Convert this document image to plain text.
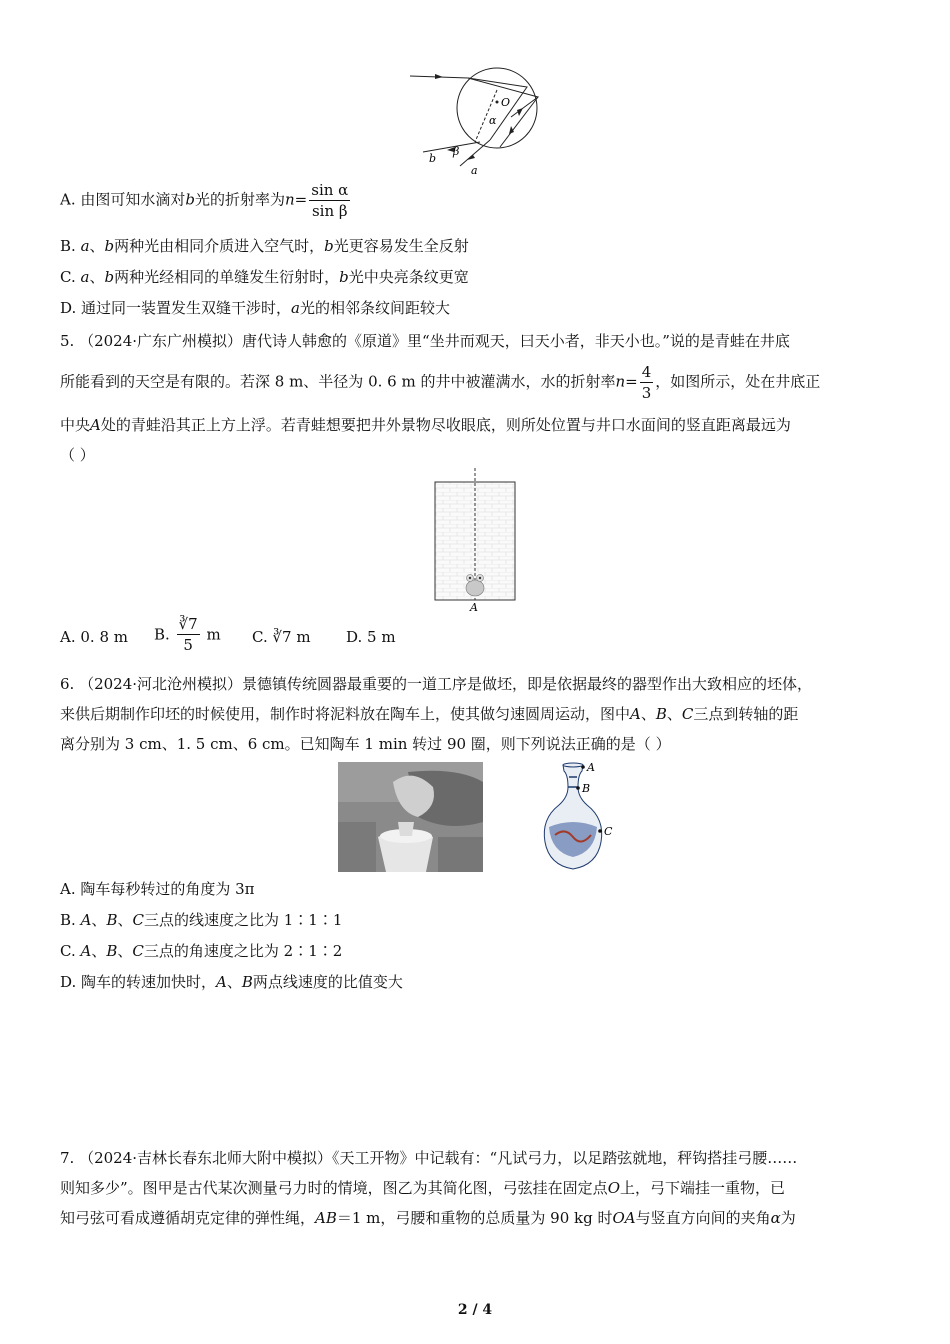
O
α
β
b
a
A. 由图可知水滴对b光的折射率为$n= \frac{\text{sin α}}{\text{sin β}}$
B. a、b两种光由相同介质进入空气时，b光更容易发生全反射
C. a、b两种光经相同的单缝发生衍射时，b光中央亮条纹更宽
D. 通过同一装置发生双缝干涉时，a光的相邻条纹间距较大
5. （2024·广东广州模拟）唐代诗人韩愈的《原道》里“坐井而观天，曰天小者，非天小也。”说的是青蛙在井底
所能看到的天空是有限的。若深 8 m、半径为 0. 6 m 的井中被灌满水，水的折射率$n= \frac{4}{3}$ ，如图所示，处在井底正
中央A处的青蛙沿其正上方上浮。若青蛙想要把井外景物尽收眼底，则所处位置与井口水面间的竖直距离最远为
（ ）
A
A. 0. 8 m B. $\frac{∛7}{5}$ m C. ∛7 m D. 5 m
6. （2024·河北沧州模拟）景德镇传统圆器最重要的一道工序是做坯，即是依据最终的器型作出大致相应的坯体，
来供后期制作印坯的时候使用，制作时将泥料放在陶车上，使其做匀速圆周运动，图中A、B、C三点到转轴的距
离分别为 3 cm、1. 5 cm、6 cm。已知陶车 1 min 转过 90 圈，则下列说法正确的是（ ）
A
B
C
A. 陶车每秒转过的角度为 3π
B. A、B、C三点的线速度之比为 1∶1∶1
C. A、B、C三点的角速度之比为 2∶1∶2
D. 陶车的转速加快时，A、B两点线速度的比值变大
7. （2024·吉林长春东北师大附中模拟）《天工开物》中记载有：“凡试弓力，以足踏弦就地，秤钩搭挂弓腰……
则知多少”。图甲是古代某次测量弓力时的情境，图乙为其简化图，弓弦挂在固定点O上，弓下端挂一重物，已
知弓弦可看成遵循胡克定律的弹性绳，AB＝1 m，弓腰和重物的总质量为 90 kg 时OA与竖直方向间的夹角α为
2 / 4
